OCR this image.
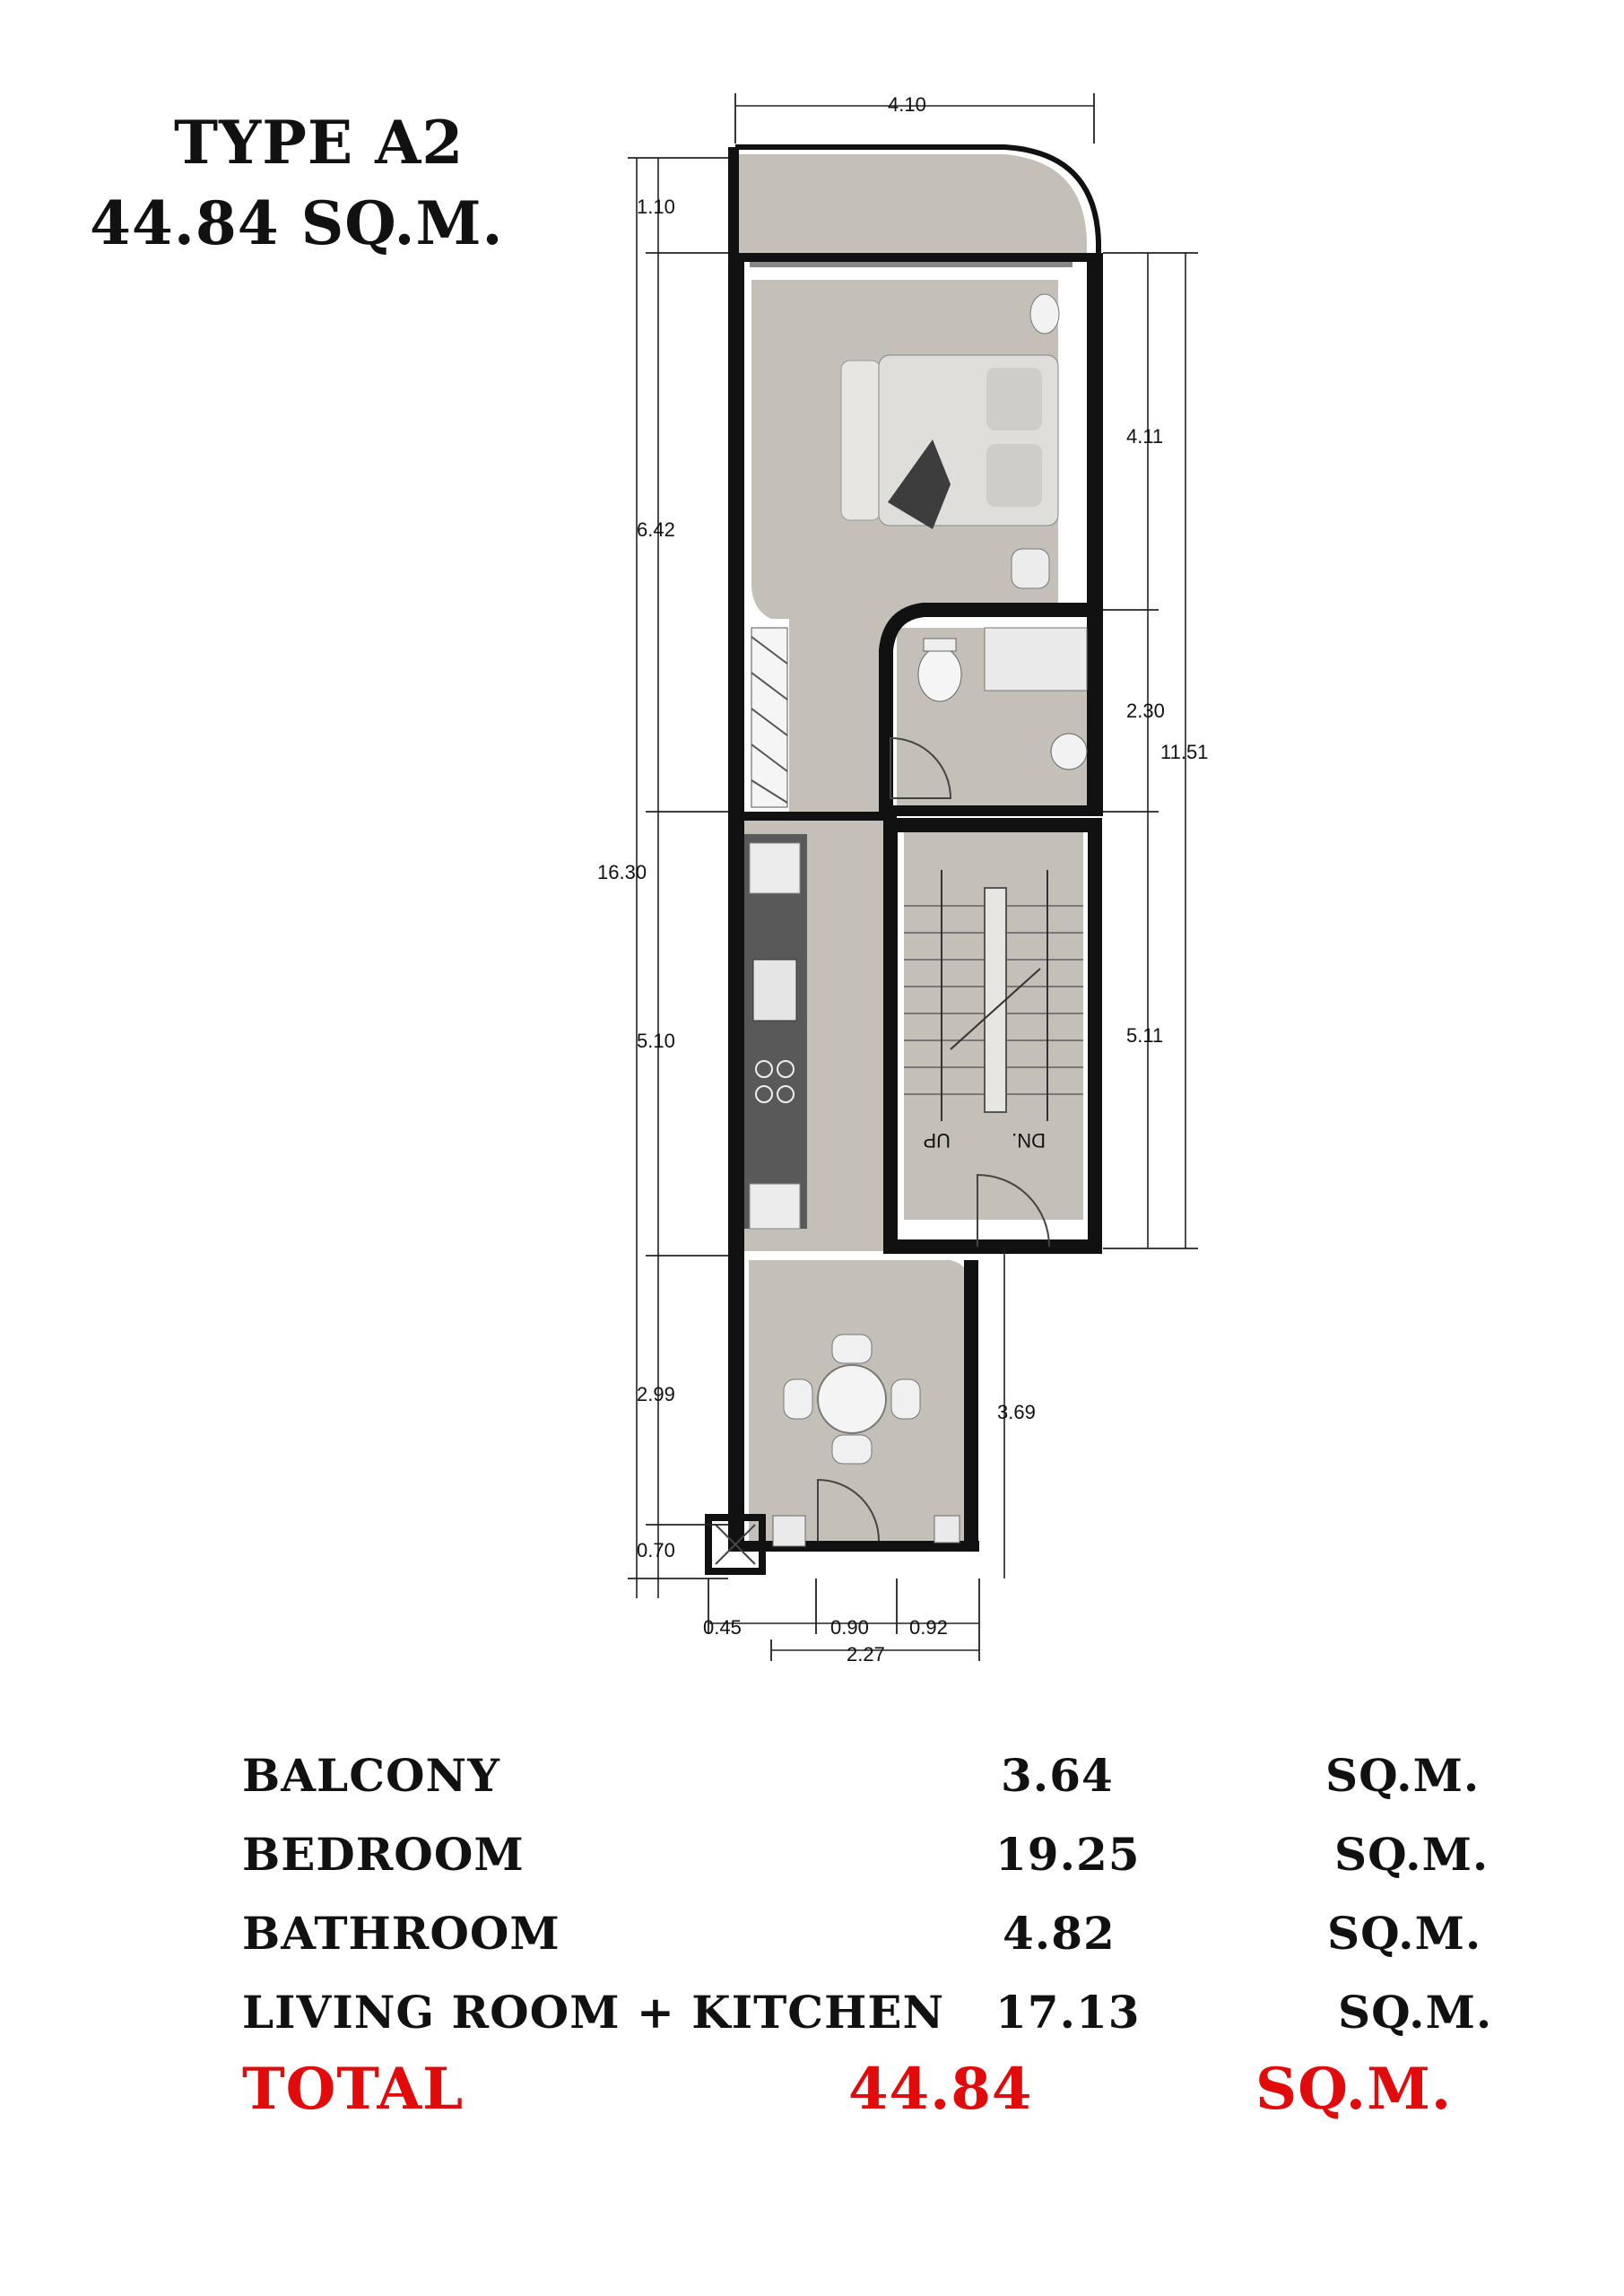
TYPE A2
44.84 SQ.M.
4.10
1.10
6.42
16.30
5.10
2.99
0.70
4.11
2.30
11.51
5.11
3.69
0.45	0.90 0.92
2.27
UP	DN.
BALCONY	3.64	SQ.M.
BEDROOM	19.25	SQ.M.
BATHROOM	4.82	SQ.M.
LIVING ROOM + KITCHEN 17.13	SQ.M.
TOTAL	44.84	SQ.M.
